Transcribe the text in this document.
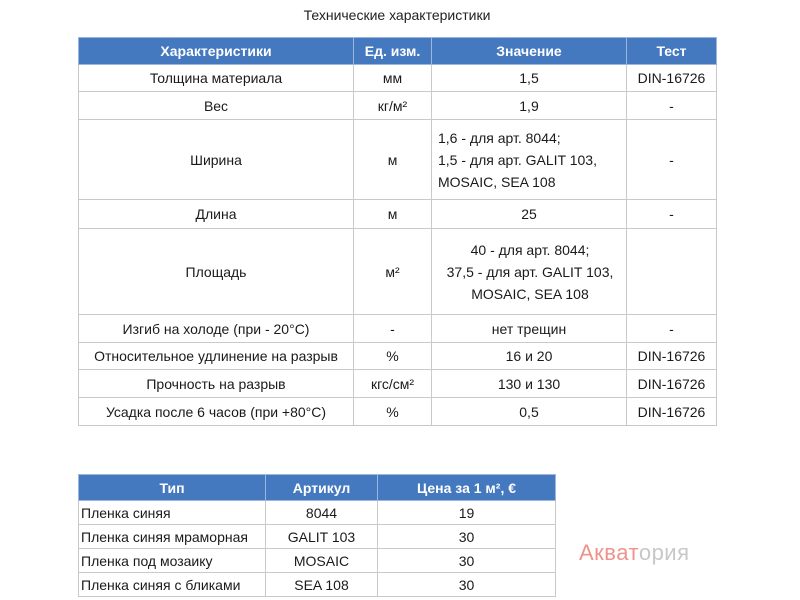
Технические характеристики
Характеристики	Ед. изм.	Значение	Тест
Толщина материала	мм	1,5	DIN-16726
Вес	кг/м²	1,9	-
Ширина	м	1,6 - для арт. 8044;
1,5 - для арт. GALIT 103,
MOSAIC, SEA 108	-
Длина	м	25	-
Площадь	м²	40 - для арт. 8044;
37,5 - для арт. GALIT 103,
MOSAIC, SEA 108	

Изгиб на холоде (при - 20°С)	-	нет трещин	-
Относительное удлинение на разрыв	%	16 и 20	DIN-16726
Прочность на разрыв	кгс/см²	130 и 130	DIN-16726
Усадка после 6 часов (при +80°С)	%	0,5	DIN-16726
Тип	Артикул	Цена за 1 м², €
Пленка синяя	8044	19
Пленка синяя мраморная	GALIT 103	30
Пленка под мозаику	MOSAIC	30
Пленка синяя с бликами	SEA 108	30
Акватория
